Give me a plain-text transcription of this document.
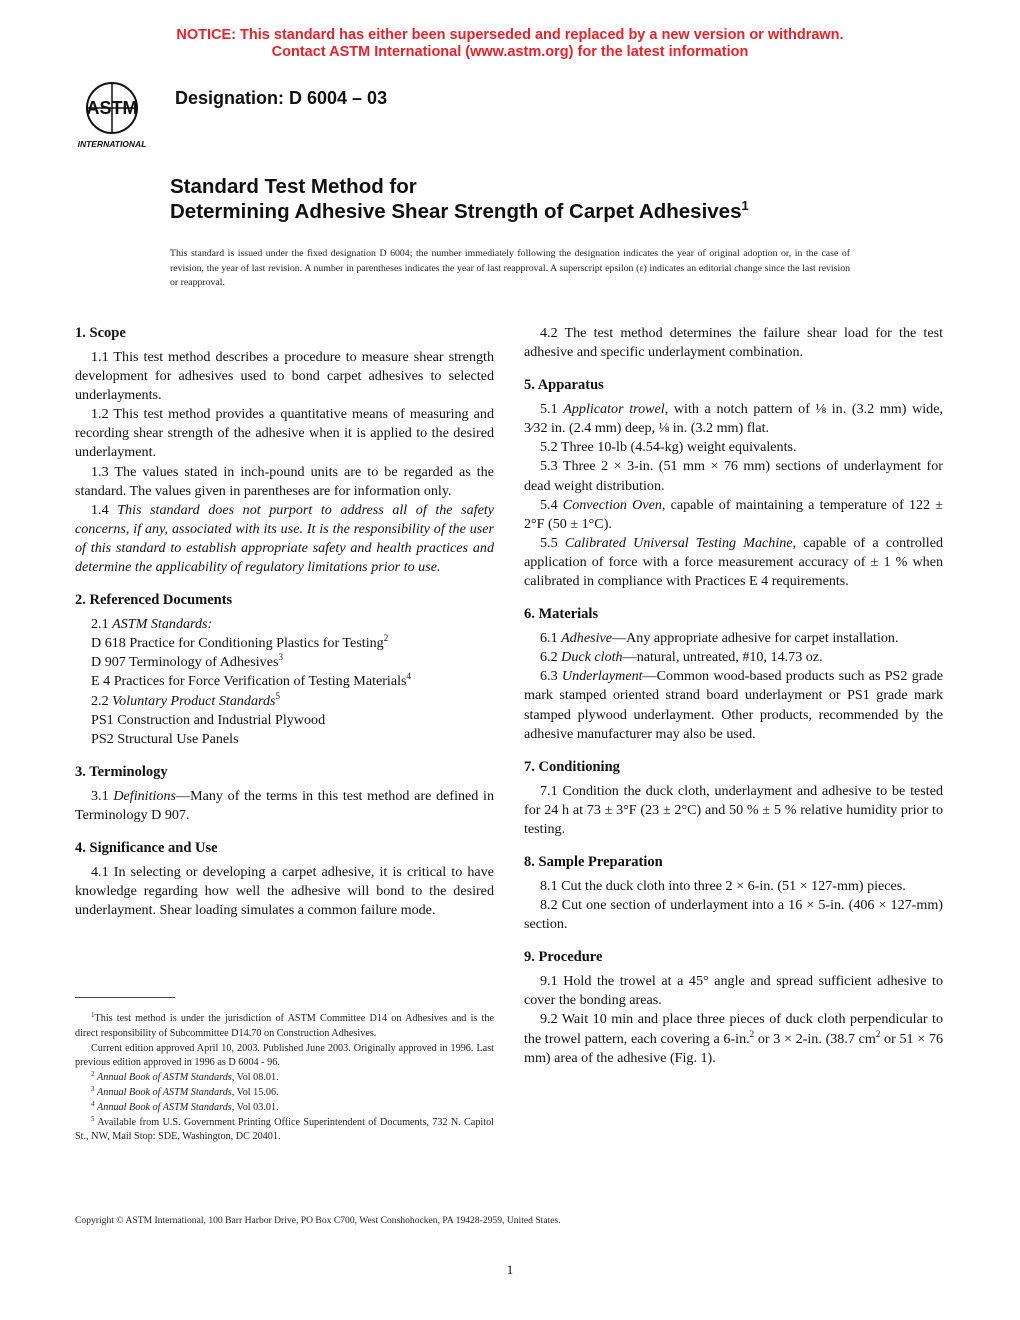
NOTICE: This standard has either been superseded and replaced by a new version or withdrawn.
Contact ASTM International (www.astm.org) for the latest information
ASTM
INTERNATIONAL
Designation: D 6004 – 03
Standard Test Method for
Determining Adhesive Shear Strength of Carpet Adhesives$^1$
This standard is issued under the fixed designation D 6004; the number immediately following the designation indicates the year of original adoption or, in the case of revision, the year of last revision. A number in parentheses indicates the year of last reapproval. A superscript epsilon (ε) indicates an editorial change since the last revision or reapproval.
1. Scope

1.1 This test method describes a procedure to measure shear strength development for adhesives used to bond carpet adhesives to selected underlayments.

1.2 This test method provides a quantitative means of measuring and recording shear strength of the adhesive when it is applied to the desired underlayment.

1.3 The values stated in inch-pound units are to be regarded as the standard. The values given in parentheses are for information only.

1.4 This standard does not purport to address all of the safety concerns, if any, associated with its use. It is the responsibility of the user of this standard to establish appropriate safety and health practices and determine the applicability of regulatory limitations prior to use.

2. Referenced Documents

2.1 ASTM Standards:

D 618 Practice for Conditioning Plastics for Testing$^2$

D 907 Terminology of Adhesives$^3$

E 4 Practices for Force Verification of Testing Materials$^4$

2.2 Voluntary Product Standards$^5$

PS1 Construction and Industrial Plywood

PS2 Structural Use Panels

3. Terminology

3.1 Definitions—Many of the terms in this test method are defined in Terminology D 907.

4. Significance and Use

4.1 In selecting or developing a carpet adhesive, it is critical to have knowledge regarding how well the adhesive will bond to the desired underlayment. Shear loading simulates a common failure mode.

4.2 The test method determines the failure shear load for the test adhesive and specific underlayment combination.

5. Apparatus

5.1 Applicator trowel, with a notch pattern of ⅛ in. (3.2 mm) wide, 3⁄32 in. (2.4 mm) deep, ⅛ in. (3.2 mm) flat.

5.2 Three 10-lb (4.54-kg) weight equivalents.

5.3 Three 2 × 3-in. (51 mm × 76 mm) sections of underlayment for dead weight distribution.

5.4 Convection Oven, capable of maintaining a temperature of 122 ± 2°F (50 ± 1°C).

5.5 Calibrated Universal Testing Machine, capable of a controlled application of force with a force measurement accuracy of ± 1 % when calibrated in compliance with Practices E 4 requirements.

6. Materials

6.1 Adhesive—Any appropriate adhesive for carpet installation.

6.2 Duck cloth—natural, untreated, #10, 14.73 oz.

6.3 Underlayment—Common wood-based products such as PS2 grade mark stamped oriented strand board underlayment or PS1 grade mark stamped plywood underlayment. Other products, recommended by the adhesive manufacturer may also be used.

7. Conditioning

7.1 Condition the duck cloth, underlayment and adhesive to be tested for 24 h at 73 ± 3°F (23 ± 2°C) and 50 % ± 5 % relative humidity prior to testing.

8. Sample Preparation

8.1 Cut the duck cloth into three 2 × 6-in. (51 × 127-mm) pieces.

8.2 Cut one section of underlayment into a 16 × 5-in. (406 × 127-mm) section.

9. Procedure

9.1 Hold the trowel at a 45° angle and spread sufficient adhesive to cover the bonding areas.

9.2 Wait 10 min and place three pieces of duck cloth perpendicular to the trowel pattern, each covering a 6-in.$^2$ or 3 × 2-in. (38.7 $cm^2$ or 51 × 76 mm) area of the adhesive (Fig. 1).

$^1$This test method is under the jurisdiction of ASTM Committee D14 on Adhesives and is the direct responsibility of Subcommittee D14.70 on Construction Adhesives.

Current edition approved April 10, 2003. Published June 2003. Originally approved in 1996. Last previous edition approved in 1996 as D 6004 - 96.

$^2$ Annual Book of ASTM Standards, Vol 08.01.

$^3$ Annual Book of ASTM Standards, Vol 15.06.

$^4$ Annual Book of ASTM Standards, Vol 03.01.

$^5$ Available from U.S. Government Printing Office Superintendent of Documents, 732 N. Capitol St., NW, Mail Stop: SDE, Washington, DC 20401.

Copyright © ASTM International, 100 Barr Harbor Drive, PO Box C700, West Conshohocken, PA 19428-2959, United States.
1
